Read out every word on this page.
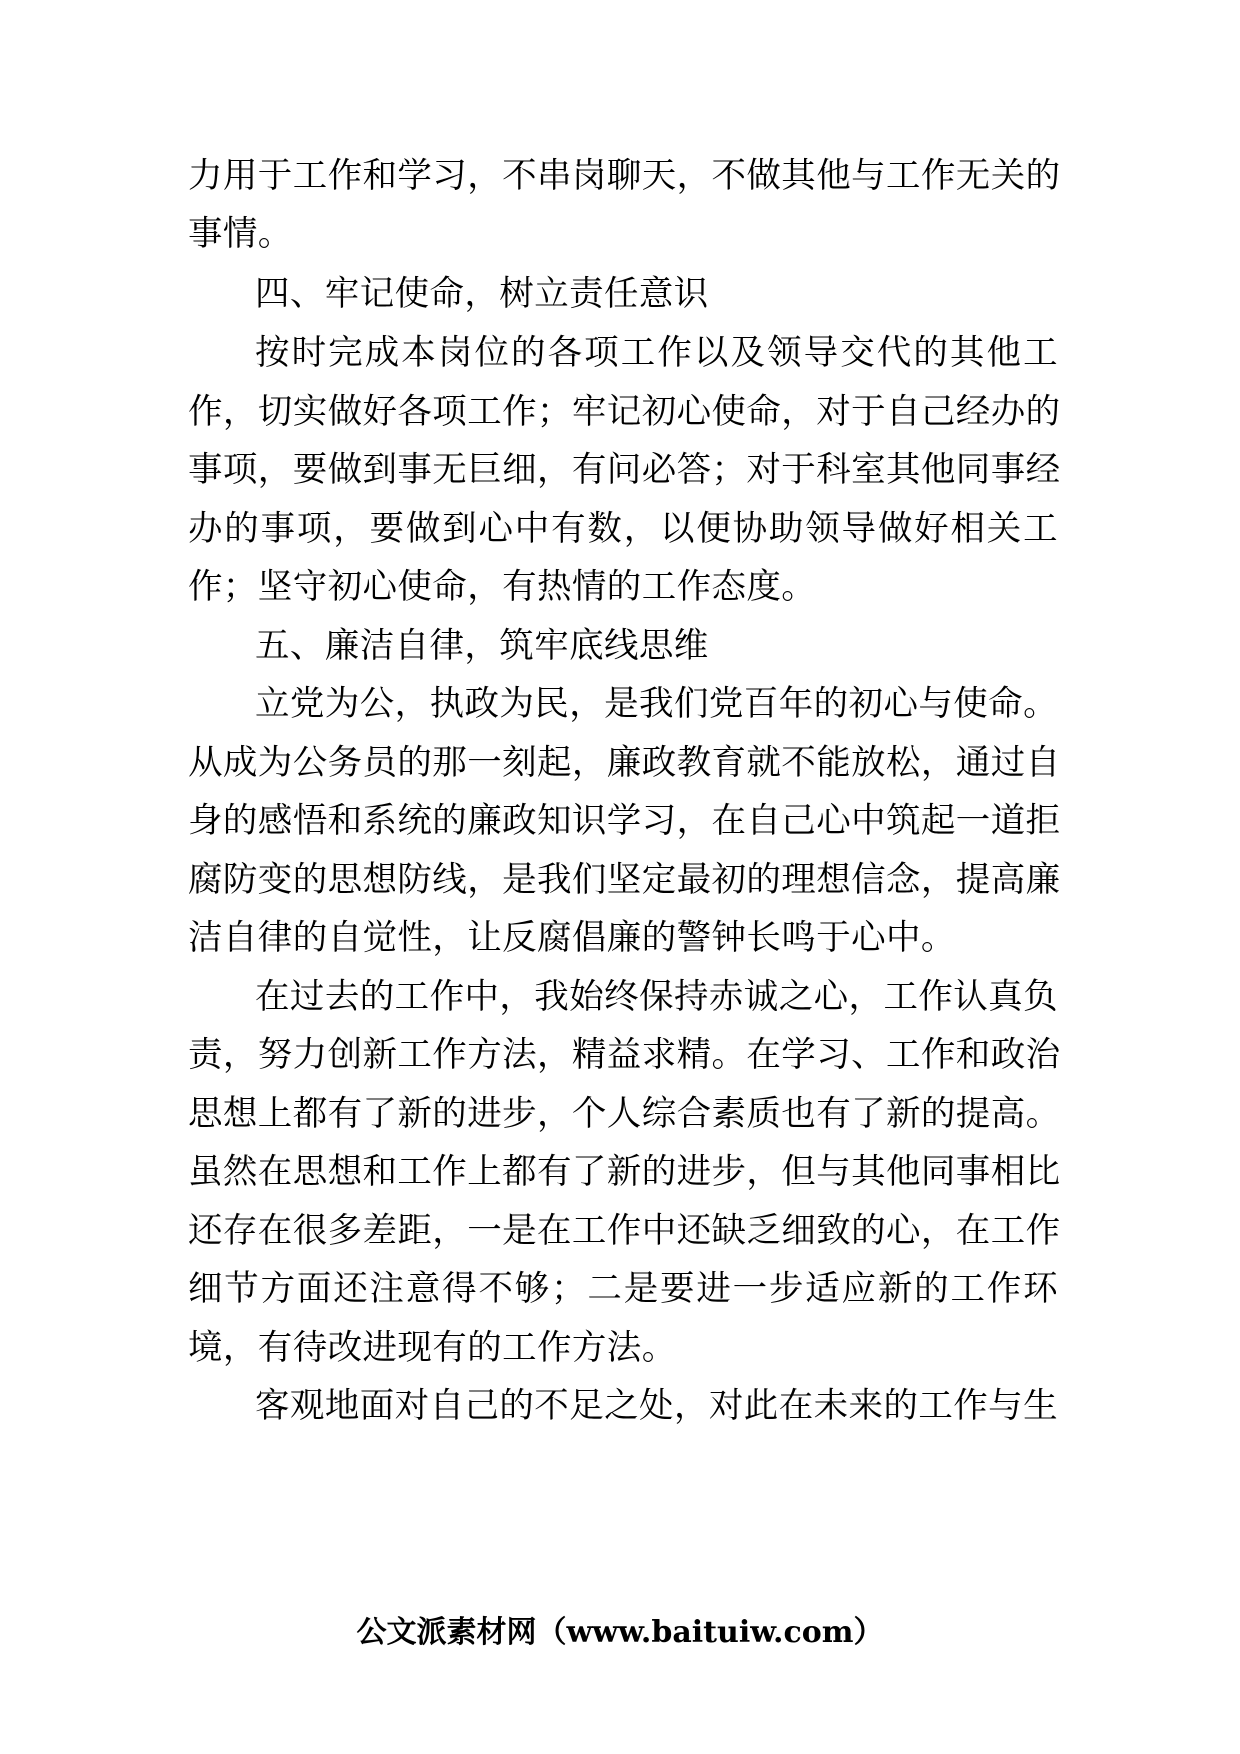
力用于工作和学习，不串岗聊天，不做其他与工作无关的
事情。
四、牢记使命，树立责任意识
按时完成本岗位的各项工作以及领导交代的其他工
作，切实做好各项工作；牢记初心使命，对于自己经办的
事项，要做到事无巨细，有问必答；对于科室其他同事经
办的事项，要做到心中有数，以便协助领导做好相关工
作；坚守初心使命，有热情的工作态度。
五、廉洁自律，筑牢底线思维
立党为公，执政为民，是我们党百年的初心与使命。
从成为公务员的那一刻起，廉政教育就不能放松，通过自
身的感悟和系统的廉政知识学习，在自己心中筑起一道拒
腐防变的思想防线，是我们坚定最初的理想信念，提高廉
洁自律的自觉性，让反腐倡廉的警钟长鸣于心中。
在过去的工作中，我始终保持赤诚之心，工作认真负
责，努力创新工作方法，精益求精。在学习、工作和政治
思想上都有了新的进步，个人综合素质也有了新的提高。
虽然在思想和工作上都有了新的进步，但与其他同事相比
还存在很多差距，一是在工作中还缺乏细致的心，在工作
细节方面还注意得不够；二是要进一步适应新的工作环
境，有待改进现有的工作方法。
客观地面对自己的不足之处，对此在未来的工作与生
公文派素材网（www.baituiw.com）
